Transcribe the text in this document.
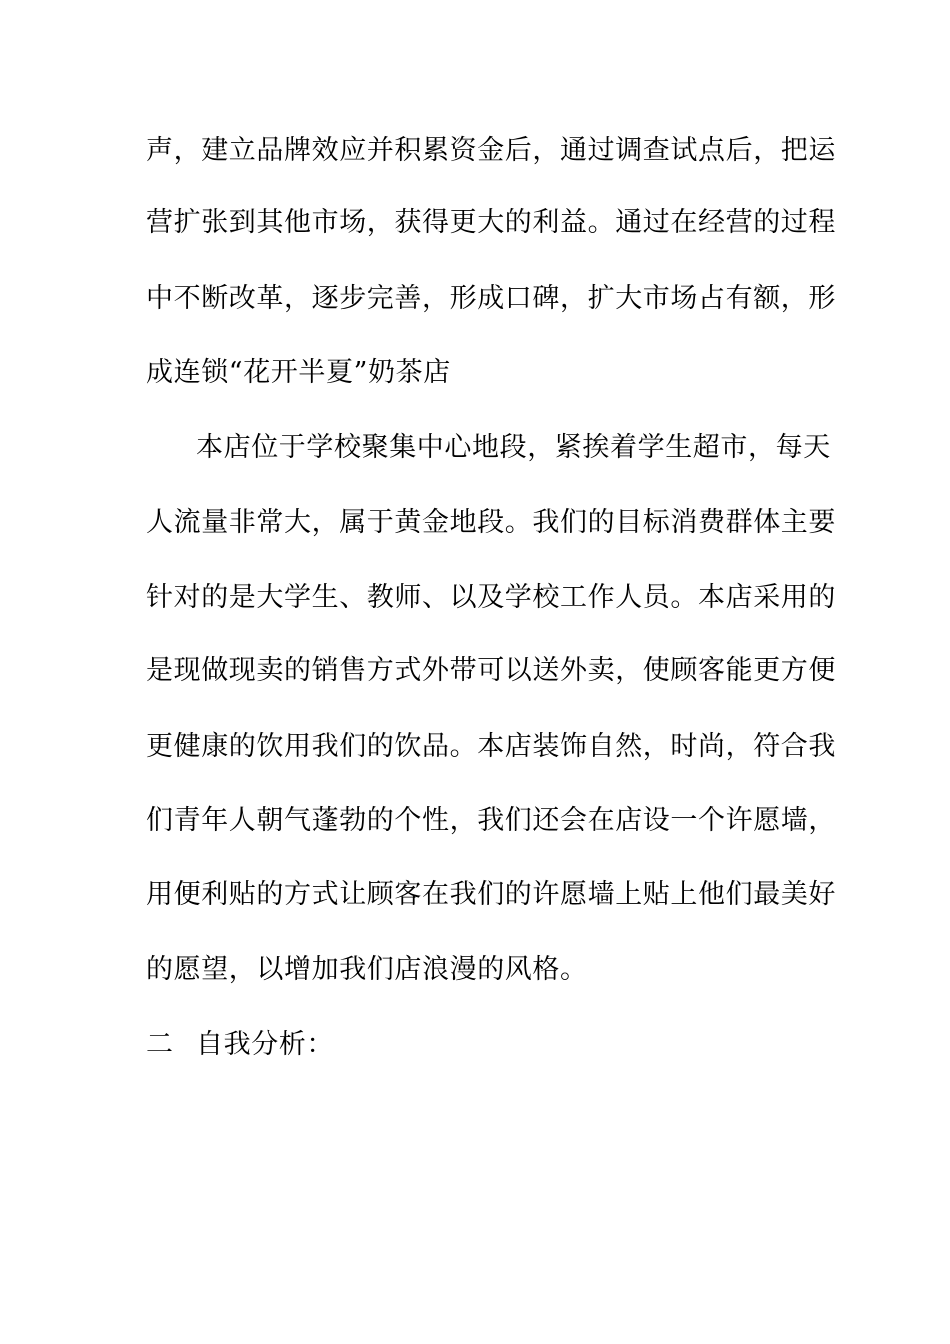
声，建立品牌效应并积累资金后，通过调查试点后，把运
营扩张到其他市场，获得更大的利益。通过在经营的过程
中不断改革，逐步完善，形成口碑，扩大市场占有额，形
成连锁“花开半夏”奶茶店
本店位于学校聚集中心地段，紧挨着学生超市，每天
人流量非常大，属于黄金地段。我们的目标消费群体主要
针对的是大学生、教师、以及学校工作人员。本店采用的
是现做现卖的销售方式外带可以送外卖，使顾客能更方便
更健康的饮用我们的饮品。本店装饰自然，时尚，符合我
们青年人朝气蓬勃的个性，我们还会在店设一个许愿墙，
用便利贴的方式让顾客在我们的许愿墙上贴上他们最美好
的愿望，以增加我们店浪漫的风格。
二 自我分析：
